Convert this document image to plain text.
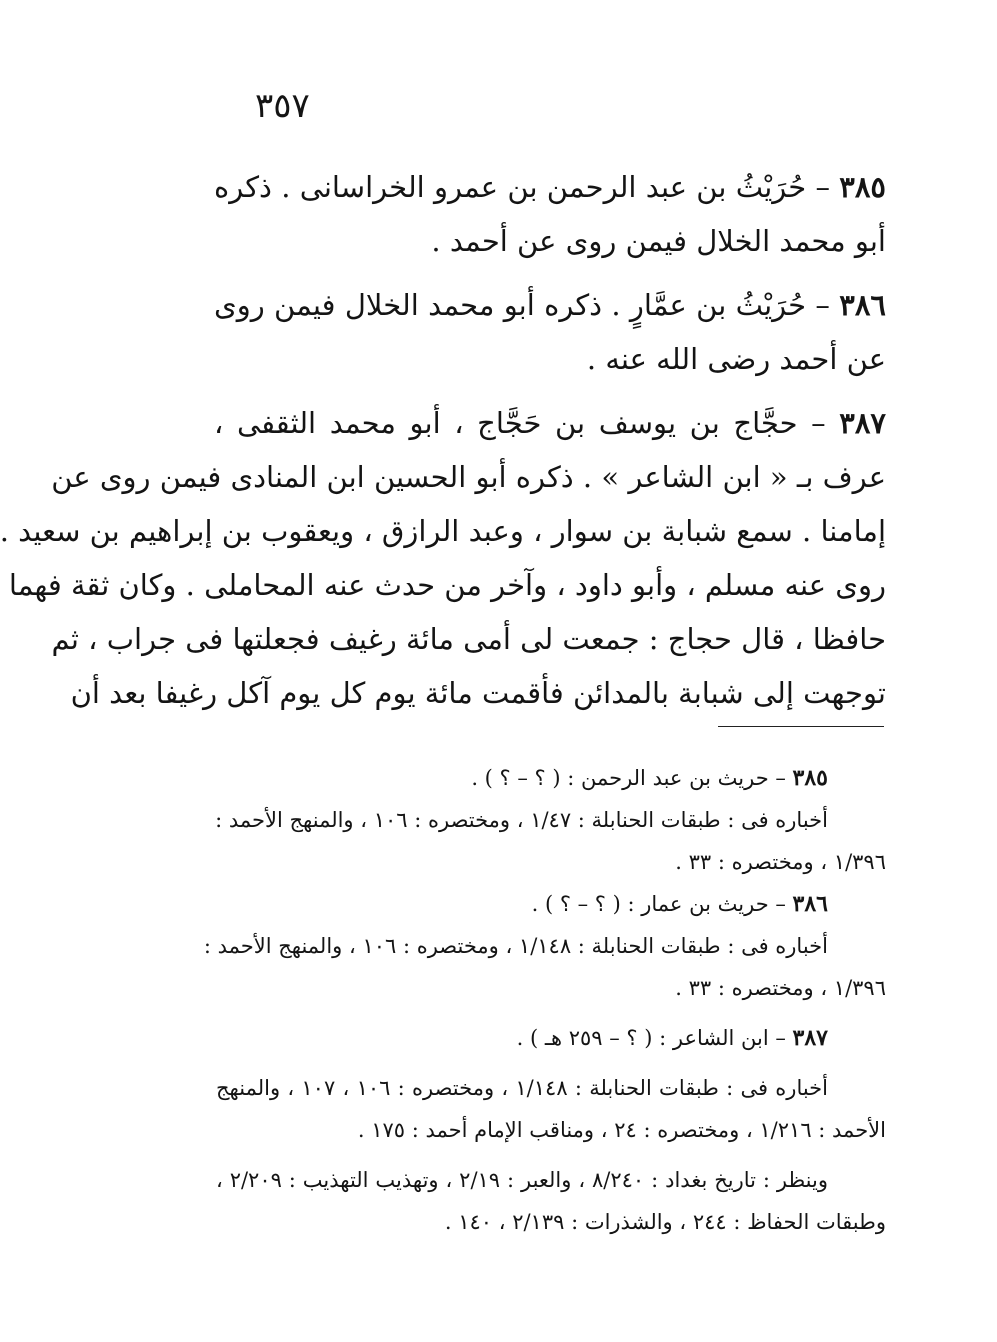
٣٥٧
٣٨٥ – حُرَيْثُ بن عبد الرحمن بن عمرو الخراسانى . ذكره
أبو محمد الخلال فيمن روى عن أحمد .
٣٨٦ – حُرَيْثُ بن عمَّارٍ . ذكره أبو محمد الخلال فيمن روى
عن أحمد رضى الله عنه .
٣٨٧ – حجَّاج بن يوسف بن حَجَّاج ، أبو محمد الثقفى ،
عرف بـ « ابن الشاعر » . ذكره أبو الحسين ابن المنادى فيمن روى عن
إمامنا . سمع شبابة بن سوار ، وعبد الرازق ، ويعقوب بن إبراهيم بن سعيد .
روى عنه مسلم ، وأبو داود ، وآخر من حدث عنه المحاملى . وكان ثقة فهما
حافظا ، قال حجاج : جمعت لى أمى مائة رغيف فجعلتها فى جراب ، ثم
توجهت إلى شبابة بالمدائن فأقمت مائة يوم كل يوم آكل رغيفا بعد أن
٣٨٥ – حريث بن عبد الرحمن : ( ؟ – ؟ ) .
أخباره فى : طبقات الحنابلة : ١/٤٧ ، ومختصره : ١٠٦ ، والمنهج الأحمد :
١/٣٩٦ ، ومختصره : ٣٣ .
٣٨٦ – حريث بن عمار : ( ؟ – ؟ ) .
أخباره فى : طبقات الحنابلة : ١/١٤٨ ، ومختصره : ١٠٦ ، والمنهج الأحمد :
١/٣٩٦ ، ومختصره : ٣٣ .
٣٨٧ – ابن الشاعر : ( ؟ – ٢٥٩ هـ ) .
أخباره فى : طبقات الحنابلة : ١/١٤٨ ، ومختصره : ١٠٦ ، ١٠٧ ، والمنهج
الأحمد : ١/٢١٦ ، ومختصره : ٢٤ ، ومناقب الإمام أحمد : ١٧٥ .
وينظر : تاريخ بغداد : ٨/٢٤٠ ، والعبر : ٢/١٩ ، وتهذيب التهذيب : ٢/٢٠٩ ،
وطبقات الحفاظ : ٢٤٤ ، والشذرات : ٢/١٣٩ ، ١٤٠ .
